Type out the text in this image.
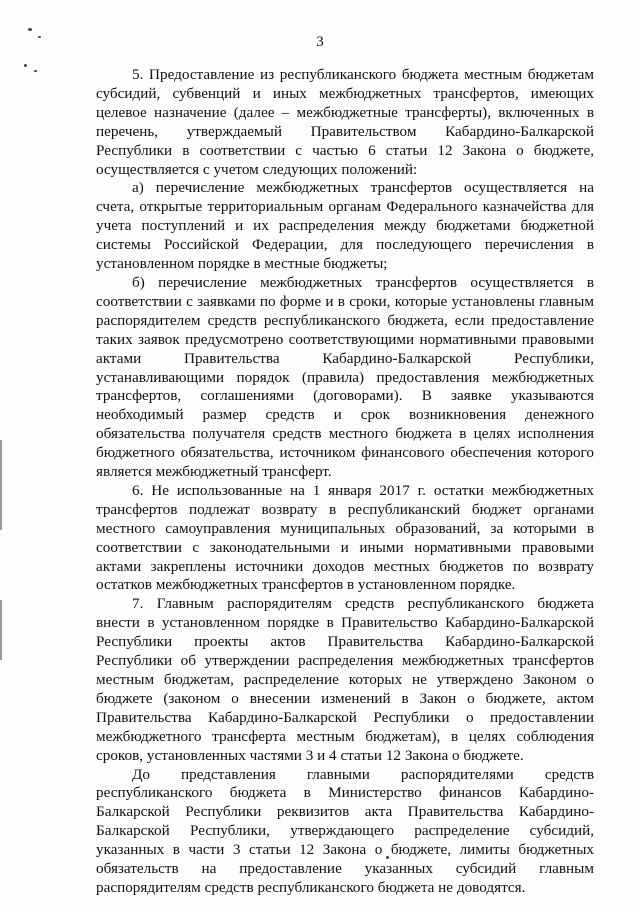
3

5. Предоставление из республиканского бюджета местным бюджетам субсидий, субвенций и иных межбюджетных трансфертов, имеющих целевое назначение (далее – межбюджетные трансферты), включенных в перечень, утверждаемый Правительством Кабардино-Балкарской Республики в соответствии с частью 6 статьи 12 Закона о бюджете, осуществляется с учетом следующих положений:

а) перечисление межбюджетных трансфертов осуществляется на счета, открытые территориальным органам Федерального казначейства для учета поступлений и их распределения между бюджетами бюджетной системы Российской Федерации, для последующего перечисления в установленном порядке в местные бюджеты;

б) перечисление межбюджетных трансфертов осуществляется в соответствии с заявками по форме и в сроки, которые установлены главным распорядителем средств республиканского бюджета, если предоставление таких заявок предусмотрено соответствующими нормативными правовыми актами Правительства Кабардино-Балкарской Республики, устанавливающими порядок (правила) предоставления межбюджетных трансфертов, соглашениями (договорами). В заявке указываются необходимый размер средств и срок возникновения денежного обязательства получателя средств местного бюджета в целях исполнения бюджетного обязательства, источником финансового обеспечения которого является межбюджетный трансферт.

6. Не использованные на 1 января 2017 г. остатки межбюджетных трансфертов подлежат возврату в республиканский бюджет органами местного самоуправления муниципальных образований, за которыми в соответствии с законодательными и иными нормативными правовыми актами закреплены источники доходов местных бюджетов по возврату остатков межбюджетных трансфертов в установленном порядке.

7. Главным распорядителям средств республиканского бюджета внести в установленном порядке в Правительство Кабардино-Балкарской Республики проекты актов Правительства Кабардино-Балкарской Республики об утверждении распределения межбюджетных трансфертов местным бюджетам, распределение которых не утверждено Законом о бюджете (законом о внесении изменений в Закон о бюджете, актом Правительства Кабардино-Балкарской Республики о предоставлении межбюджетного трансферта местным бюджетам), в целях соблюдения сроков, установленных частями 3 и 4 статьи 12 Закона о бюджете.

До представления главными распорядителями средств республиканского бюджета в Министерство финансов Кабардино-Балкарской Республики реквизитов акта Правительства Кабардино-Балкарской Республики, утверждающего распределение субсидий, указанных в части 3 статьи 12 Закона о бюджете, лимиты бюджетных обязательств на предоставление указанных субсидий главным распорядителям средств республиканского бюджета не доводятся.
